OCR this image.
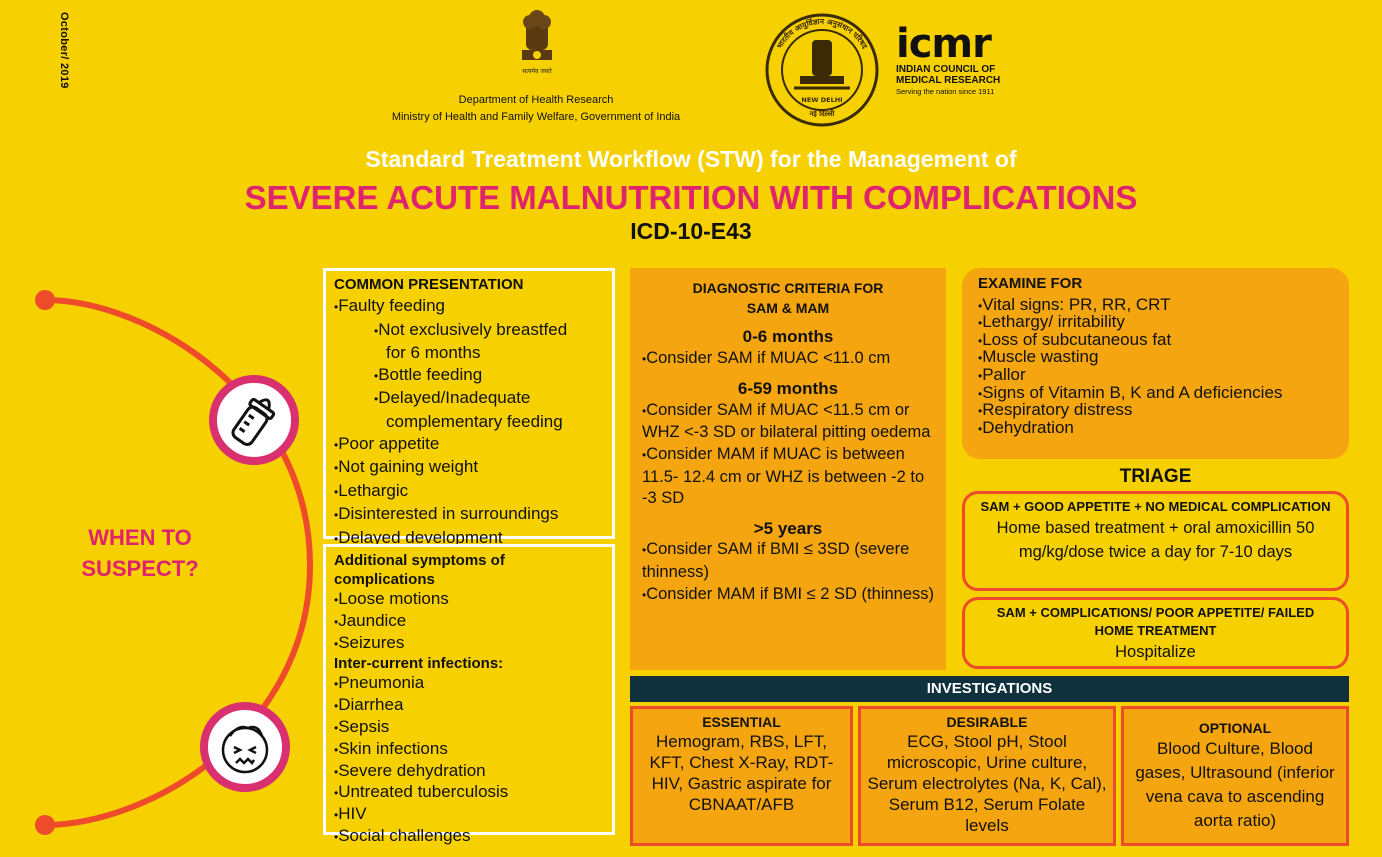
October/ 2019	सत्यमेव जयते
Department of Health Research
Ministry of Health and Family Welfare, Government of India
भारतीय आयुर्विज्ञान अनुसंधान परिषद
NEW DELHI
नई दिल्ली
icmr
INDIAN COUNCIL OF
MEDICAL RESEARCH
Serving the nation since 1911
Standard Treatment Workflow (STW) for the Management of
SEVERE ACUTE MALNUTRITION WITH COMPLICATIONS
ICD-10-E43
WHEN TO
SUSPECT?
COMMON PRESENTATION
• Faulty feeding
• Not exclusively breastfed
for 6 months
• Bottle feeding
• Delayed/Inadequate
complementary feeding
• Poor appetite
• Not gaining weight
• Lethargic
• Disinterested in surroundings
• Delayed development
Additional symptoms of complications
• Loose motions
• Jaundice
• Seizures
Inter-current infections:
• Pneumonia
• Diarrhea
• Sepsis
• Skin infections
• Severe dehydration
• Untreated tuberculosis
• HIV
• Social challenges
DIAGNOSTIC CRITERIA FOR
SAM & MAM
0-6 months
• Consider SAM if MUAC <11.0 cm
6-59 months
• Consider SAM if MUAC <11.5 cm or WHZ <-3 SD or bilateral pitting oedema
• Consider MAM if MUAC is between 11.5- 12.4 cm or WHZ is between -2 to -3 SD
>5 years
• Consider SAM if BMI ≤ 3SD (severe thinness)
• Consider MAM if BMI ≤ 2 SD (thinness)
EXAMINE FOR
• Vital signs: PR, RR, CRT
• Lethargy/ irritability
• Loss of subcutaneous fat
• Muscle wasting
• Pallor
• Signs of Vitamin B, K and A deficiencies
• Respiratory distress
• Dehydration
TRIAGE
SAM + GOOD APPETITE + NO MEDICAL COMPLICATION
Home based treatment + oral amoxicillin 50 mg/kg/dose twice a day for 7-10 days
SAM + COMPLICATIONS/ POOR APPETITE/ FAILED HOME TREATMENT
Hospitalize
INVESTIGATIONS
ESSENTIAL
Hemogram, RBS, LFT, KFT, Chest X-Ray, RDT-HIV, Gastric aspirate for CBNAAT/AFB
DESIRABLE
ECG, Stool pH, Stool microscopic, Urine culture, Serum electrolytes (Na, K, Cal), Serum B12, Serum Folate levels
OPTIONAL
Blood Culture, Blood gases, Ultrasound (inferior vena cava to ascending aorta ratio)
